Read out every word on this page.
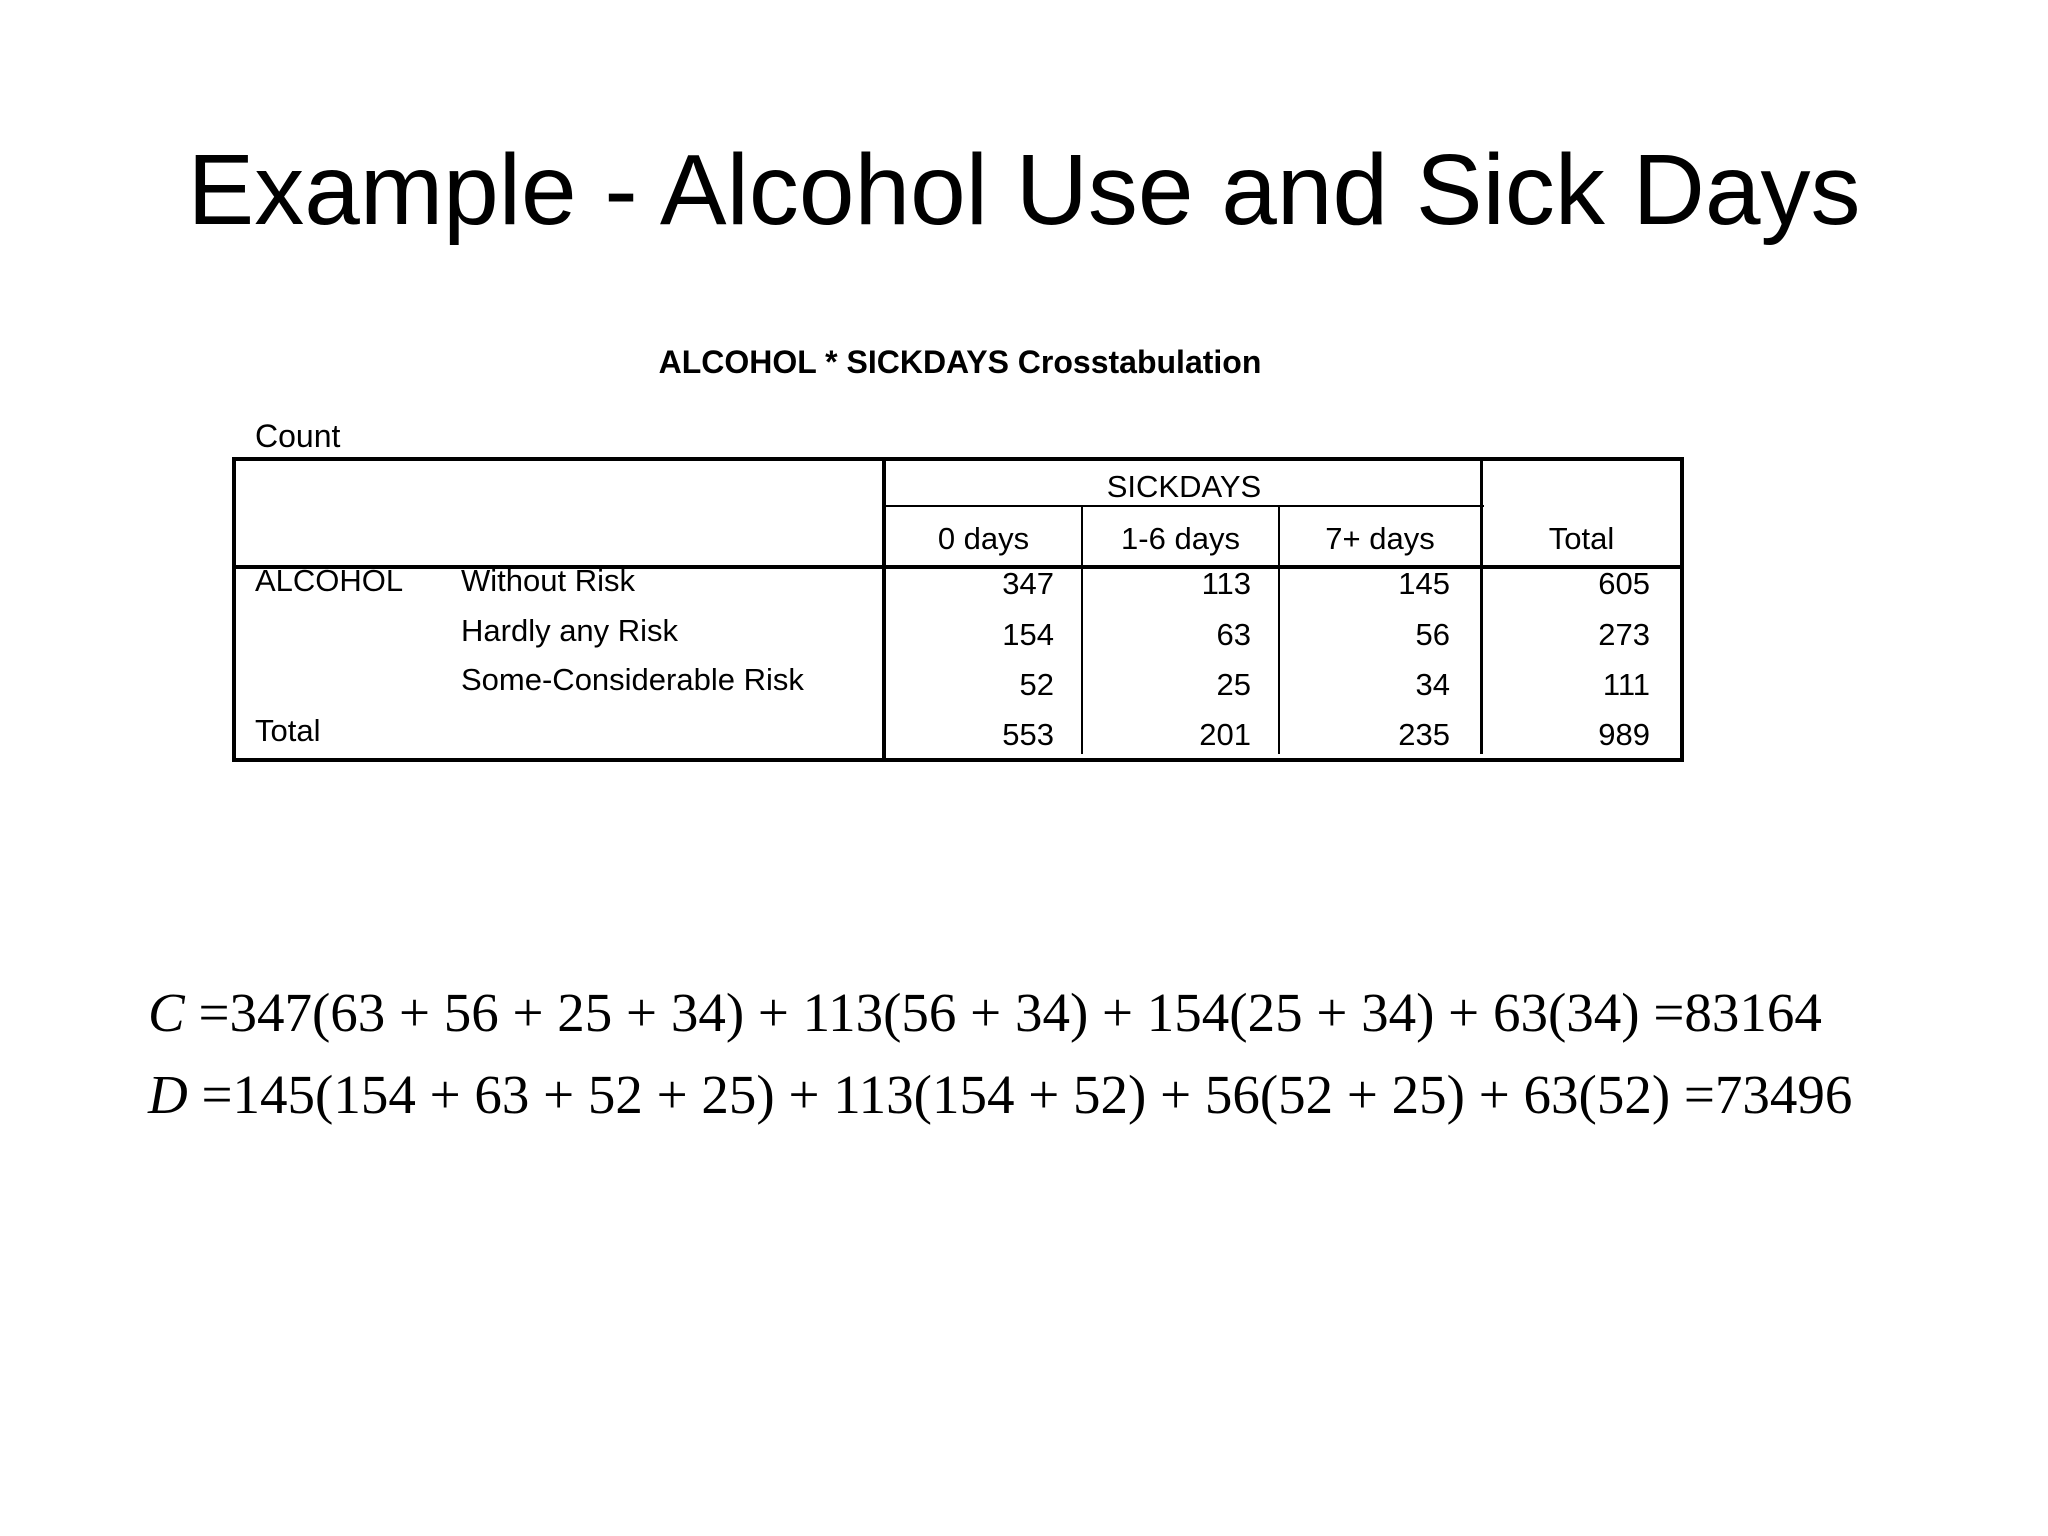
Example - Alcohol Use and Sick Days
ALCOHOL * SICKDAYS Crosstabulation
Count
SICKDAYS
0 days	1-6 days	7+ days	Total
ALCOHOL Without Risk	347	113	145	605
Hardly any Risk	154	63	56	273
Some-Considerable Risk	52	25	34	111
Total	553	201	235	989
C =347(63 + 56 + 25 + 34) + 113(56 + 34) + 154(25 + 34) + 63(34) =83164
D =145(154 + 63 + 52 + 25) + 113(154 + 52) + 56(52 + 25) + 63(52) =73496
